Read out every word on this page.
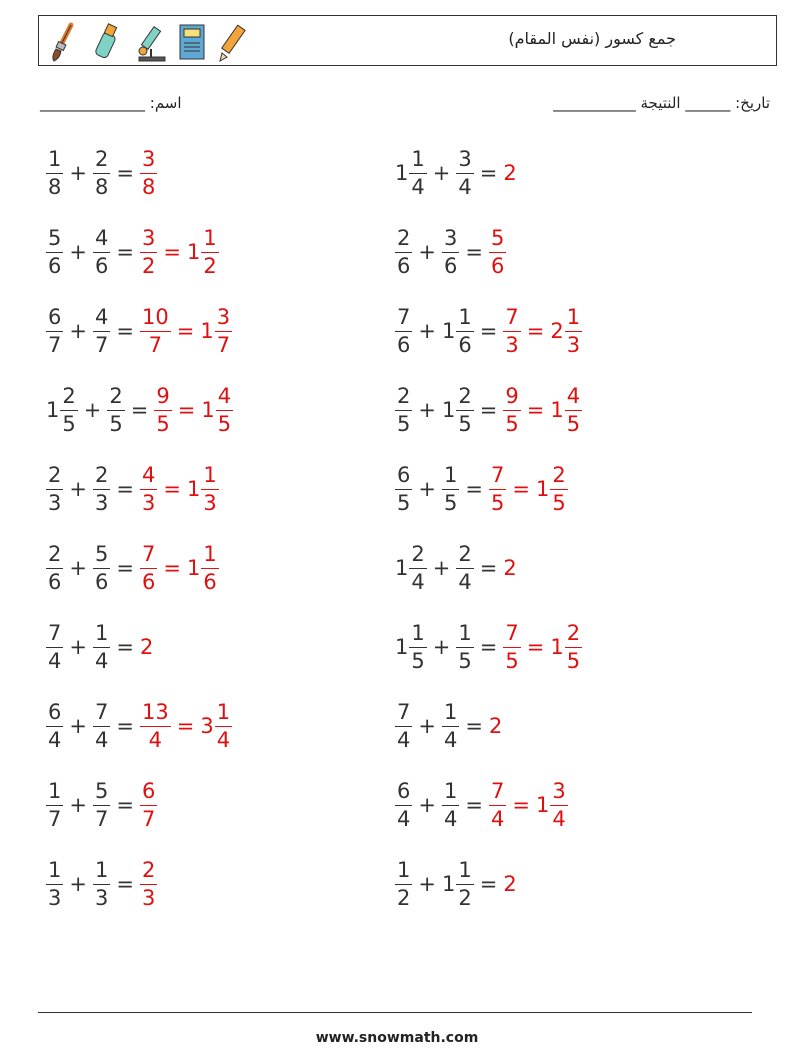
جمع كسور (نفس المقام)
اسم: ______________	تاريخ: ______ النتيجة ___________
$\frac{1}{8} + \frac{2}{8} = \frac{3}{8}$	$1 \frac{1}{4} + \frac{3}{4} = 2$
$\frac{5}{6} + \frac{4}{6} = \frac{3}{2} = 1 \frac{1}{2}$	$\frac{2}{6} + \frac{3}{6} = \frac{5}{6}$
$\frac{6}{7} + \frac{4}{7} = \frac{10}{7} = 1 \frac{3}{7}$	$\frac{7}{6} + 1 \frac{1}{6} = \frac{7}{3} = 2 \frac{1}{3}$
$1 \frac{2}{5} + \frac{2}{5} = \frac{9}{5} = 1 \frac{4}{5}$	$\frac{2}{5} + 1 \frac{2}{5} = \frac{9}{5} = 1 \frac{4}{5}$
$\frac{2}{3} + \frac{2}{3} = \frac{4}{3} = 1 \frac{1}{3}$	$\frac{6}{5} + \frac{1}{5} = \frac{7}{5} = 1 \frac{2}{5}$
$\frac{2}{6} + \frac{5}{6} = \frac{7}{6} = 1 \frac{1}{6}$	$1 \frac{2}{4} + \frac{2}{4} = 2$
$\frac{7}{4} + \frac{1}{4} = 2$	$1 \frac{1}{5} + \frac{1}{5} = \frac{7}{5} = 1 \frac{2}{5}$
$\frac{6}{4} + \frac{7}{4} = \frac{13}{4} = 3 \frac{1}{4}$	$\frac{7}{4} + \frac{1}{4} = 2$
$\frac{1}{7} + \frac{5}{7} = \frac{6}{7}$	$\frac{6}{4} + \frac{1}{4} = \frac{7}{4} = 1 \frac{3}{4}$
$\frac{1}{3} + \frac{1}{3} = \frac{2}{3}$	$\frac{1}{2} + 1 \frac{1}{2} = 2$
www.snowmath.com
